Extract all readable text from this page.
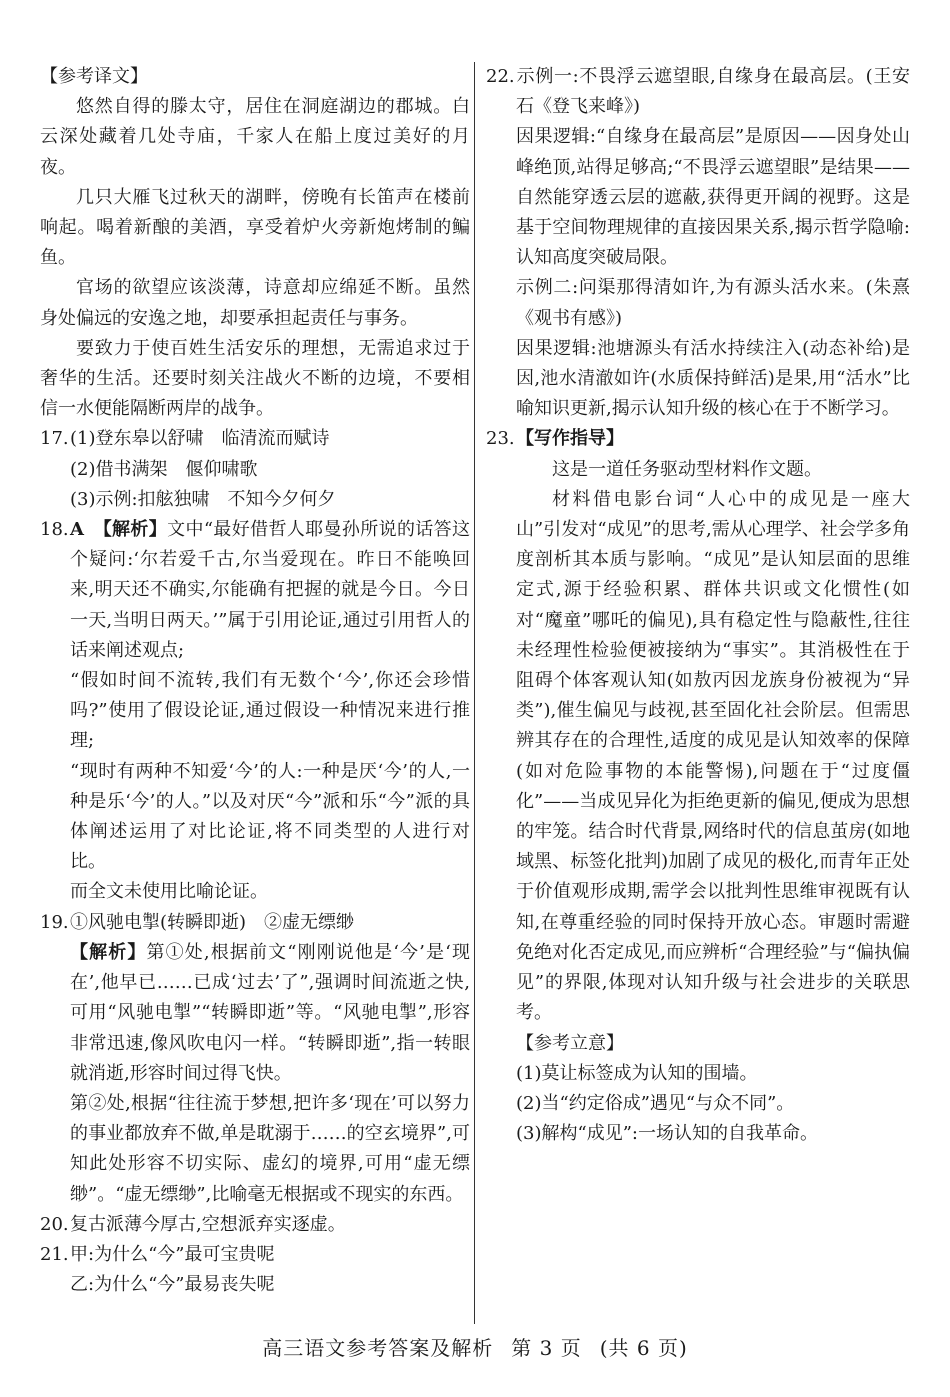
【参考译文】

悠然自得的滕太守，居住在洞庭湖边的郡城。白云深处藏着几处寺庙，千家人在船上度过美好的月夜。

几只大雁飞过秋天的湖畔，傍晚有长笛声在楼前响起。喝着新酿的美酒，享受着炉火旁新炮烤制的鳊鱼。

官场的欲望应该淡薄，诗意却应绵延不断。虽然身处偏远的安逸之地，却要承担起责任与事务。

要致力于使百姓生活安乐的理想，无需追求过于奢华的生活。还要时刻关注战火不断的边境，不要相信一水便能隔断两岸的战争。

17.(1)登东皋以舒啸　临清流而赋诗

(2)借书满架　偃仰啸歌

(3)示例:扣舷独啸　不知今夕何夕

18.A　 【解析】文中“最好借哲人耶曼孙所说的话答这个疑问:‘尔若爱千古,尔当爱现在。昨日不能唤回来,明天还不确实,尔能确有把握的就是今日。今日一天,当明日两天。’”属于引用论证,通过引用哲人的话来阐述观点;

“假如时间不流转,我们有无数个‘今’,你还会珍惜吗?”使用了假设论证,通过假设一种情况来进行推理;

“现时有两种不知爱‘今’的人:一种是厌‘今’的人,一种是乐‘今’的人。”以及对厌“今”派和乐“今”派的具体阐述运用了对比论证,将不同类型的人进行对比。

而全文未使用比喻论证。

19.①风驰电掣(转瞬即逝)　②虚无缥缈

【解析】第①处,根据前文“刚刚说他是‘今’是‘现在’,他早已……已成‘过去’了”,强调时间流逝之快,可用“风驰电掣”“转瞬即逝”等。“风驰电掣”,形容非常迅速,像风吹电闪一样。“转瞬即逝”,指一转眼就消逝,形容时间过得飞快。

第②处,根据“往往流于梦想,把许多‘现在’可以努力的事业都放弃不做,单是耽溺于……的空玄境界”,可知此处形容不切实际、虚幻的境界,可用“虚无缥缈”。“虚无缥缈”,比喻毫无根据或不现实的东西。

20.复古派薄今厚古,空想派弃实逐虚。

21.甲:为什么“今”最可宝贵呢

乙:为什么“今”最易丧失呢

22.示例一:不畏浮云遮望眼,自缘身在最高层。(王安石《登飞来峰》)

因果逻辑:“自缘身在最高层”是原因——因身处山峰绝顶,站得足够高;“不畏浮云遮望眼”是结果——自然能穿透云层的遮蔽,获得更开阔的视野。这是基于空间物理规律的直接因果关系,揭示哲学隐喻:认知高度突破局限。

示例二:问渠那得清如许,为有源头活水来。(朱熹《观书有感》)

因果逻辑:池塘源头有活水持续注入(动态补给)是因,池水清澈如许(水质保持鲜活)是果,用“活水”比喻知识更新,揭示认知升级的核心在于不断学习。

23.【写作指导】

这是一道任务驱动型材料作文题。

材料借电影台词“人心中的成见是一座大山”引发对“成见”的思考,需从心理学、社会学多角度剖析其本质与影响。“成见”是认知层面的思维定式,源于经验积累、群体共识或文化惯性(如对“魔童”哪吒的偏见),具有稳定性与隐蔽性,往往未经理性检验便被接纳为“事实”。其消极性在于阻碍个体客观认知(如敖丙因龙族身份被视为“异类”),催生偏见与歧视,甚至固化社会阶层。但需思辨其存在的合理性,适度的成见是认知效率的保障(如对危险事物的本能警惕),问题在于“过度僵化”——当成见异化为拒绝更新的偏见,便成为思想的牢笼。结合时代背景,网络时代的信息茧房(如地域黑、标签化批判)加剧了成见的极化,而青年正处于价值观形成期,需学会以批判性思维审视既有认知,在尊重经验的同时保持开放心态。审题时需避免绝对化否定成见,而应辨析“合理经验”与“偏执偏见”的界限,体现对认知升级与社会进步的关联思考。

【参考立意】

(1)莫让标签成为认知的围墙。

(2)当“约定俗成”遇见“与众不同”。

(3)解构“成见”:一场认知的自我革命。

高三语文参考答案及解析 第 3 页 (共 6 页)
